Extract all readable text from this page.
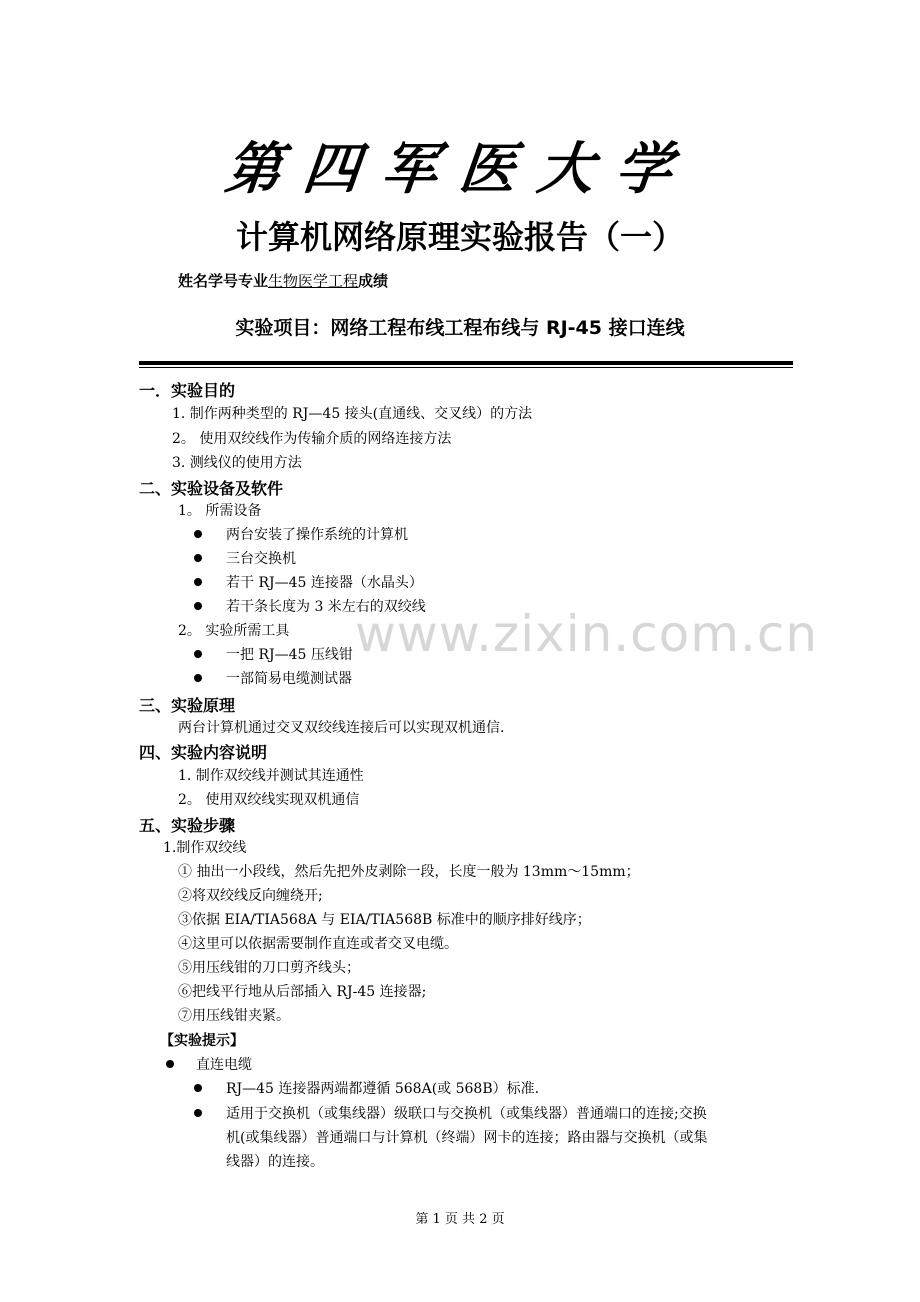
第四军医大学
计算机网络原理实验报告（一）
姓名学号专业生物医学工程成绩
实验项目：网络工程布线工程布线与 RJ-45 接口连线
www.zixin.com.cn
一．实验目的
1. 制作两种类型的 RJ—45 接头(直通线、交叉线）的方法
2。 使用双绞线作为传输介质的网络连接方法
3. 测线仪的使用方法
二、实验设备及软件
1。 所需设备
两台安装了操作系统的计算机
三台交换机
若干 RJ—45 连接器（水晶头）
若干条长度为 3 米左右的双绞线
2。 实验所需工具
一把 RJ—45 压线钳
一部简易电缆测试器
三、实验原理
两台计算机通过交叉双绞线连接后可以实现双机通信.
四、实验内容说明
1. 制作双绞线并测试其连通性
2。 使用双绞线实现双机通信
五、实验步骤
1.制作双绞线
① 抽出一小段线，然后先把外皮剥除一段，长度一般为 13mm～15mm；
②将双绞线反向缠绕开;
③依据 EIA/TIA568A 与 EIA/TIA568B 标准中的顺序排好线序；
④这里可以依据需要制作直连或者交叉电缆。
⑤用压线钳的刀口剪齐线头；
⑥把线平行地从后部插入 RJ-45 连接器;
⑦用压线钳夹紧。
【实验提示】
直连电缆
RJ—45 连接器两端都遵循 568A(或 568B）标准.
适用于交换机（或集线器）级联口与交换机（或集线器）普通端口的连接;交换
机(或集线器）普通端口与计算机（终端）网卡的连接；路由器与交换机（或集
线器）的连接。
第 1 页 共 2 页
